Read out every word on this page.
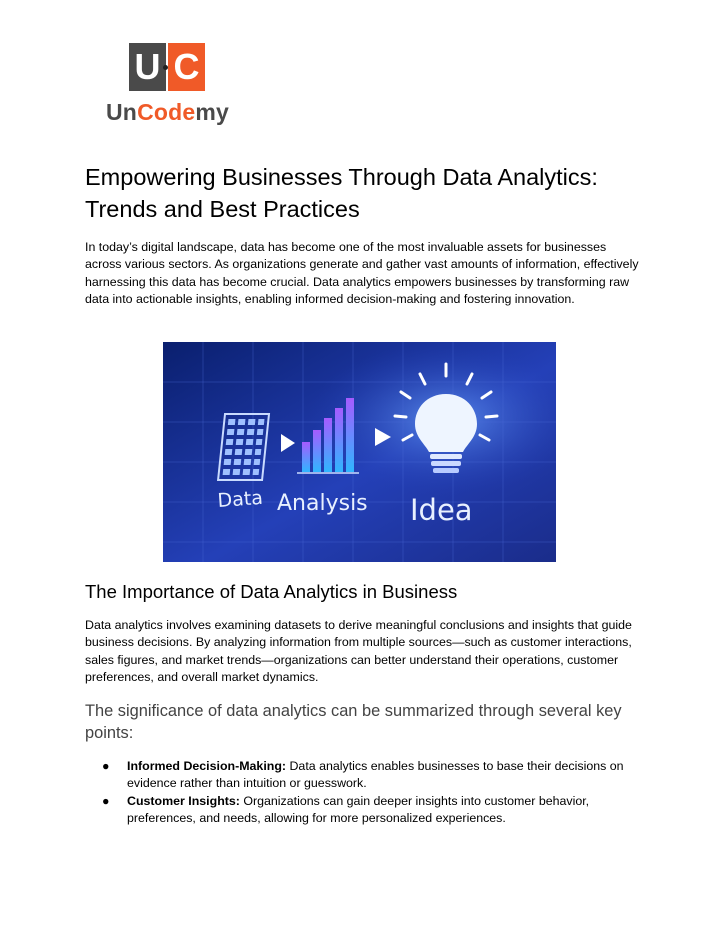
U C
UnCodemy
Empowering Businesses Through Data Analytics: Trends and Best Practices

In today’s digital landscape, data has become one of the most invaluable assets for businesses across various sectors. As organizations generate and gather vast amounts of information, effectively harnessing this data has become crucial. Data analytics empowers businesses by transforming raw data into actionable insights, enabling informed decision-making and fostering innovation.

Data Analysis Idea
The Importance of Data Analytics in Business

Data analytics involves examining datasets to derive meaningful conclusions and insights that guide business decisions. By analyzing information from multiple sources—such as customer interactions, sales figures, and market trends—organizations can better understand their operations, customer preferences, and overall market dynamics.

The significance of data analytics can be summarized through several key points:
● Informed Decision-Making: Data analytics enables businesses to base their decisions on evidence rather than intuition or guesswork.
● Customer Insights: Organizations can gain deeper insights into customer behavior, preferences, and needs, allowing for more personalized experiences.
